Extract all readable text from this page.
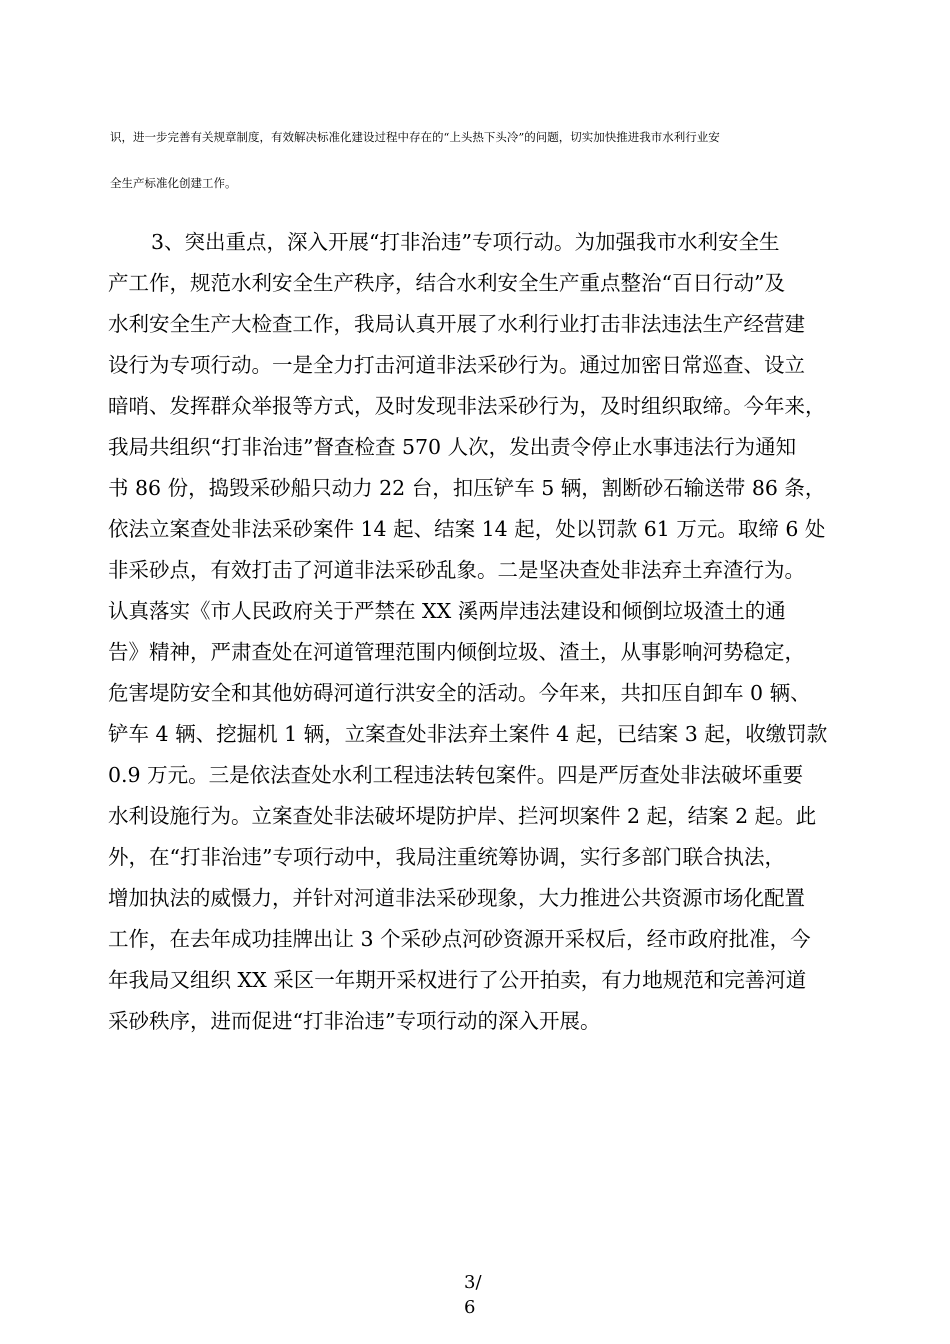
识，进一步完善有关规章制度，有效解决标准化建设过程中存在的“上头热下头冷”的问题，切实加快推进我市水利行业安
全生产标准化创建工作。
3、突出重点，深入开展“打非治违”专项行动。为加强我市水利安全生
产工作，规范水利安全生产秩序，结合水利安全生产重点整治“百日行动”及
水利安全生产大检查工作，我局认真开展了水利行业打击非法违法生产经营建
设行为专项行动。一是全力打击河道非法采砂行为。通过加密日常巡查、设立
暗哨、发挥群众举报等方式，及时发现非法采砂行为，及时组织取缔。今年来，
我局共组织“打非治违”督查检查 570 人次，发出责令停止水事违法行为通知
书 86 份，捣毁采砂船只动力 22 台，扣压铲车 5 辆，割断砂石输送带 86 条，
依法立案查处非法采砂案件 14 起、结案 14 起，处以罚款 61 万元。取缔 6 处
非采砂点，有效打击了河道非法采砂乱象。二是坚决查处非法弃土弃渣行为。
认真落实《市人民政府关于严禁在 XX 溪两岸违法建设和倾倒垃圾渣土的通
告》精神，严肃查处在河道管理范围内倾倒垃圾、渣土，从事影响河势稳定，
危害堤防安全和其他妨碍河道行洪安全的活动。今年来，共扣压自卸车 0 辆、
铲车 4 辆、挖掘机 1 辆，立案查处非法弃土案件 4 起，已结案 3 起，收缴罚款
0.9 万元。三是依法查处水利工程违法转包案件。四是严厉查处非法破坏重要
水利设施行为。立案查处非法破坏堤防护岸、拦河坝案件 2 起，结案 2 起。此
外，在“打非治违”专项行动中，我局注重统筹协调，实行多部门联合执法，
增加执法的威慑力，并针对河道非法采砂现象，大力推进公共资源市场化配置
工作，在去年成功挂牌出让 3 个采砂点河砂资源开采权后，经市政府批准，今
年我局又组织 XX 采区一年期开采权进行了公开拍卖，有力地规范和完善河道
采砂秩序，进而促进“打非治违”专项行动的深入开展。
3/
6
